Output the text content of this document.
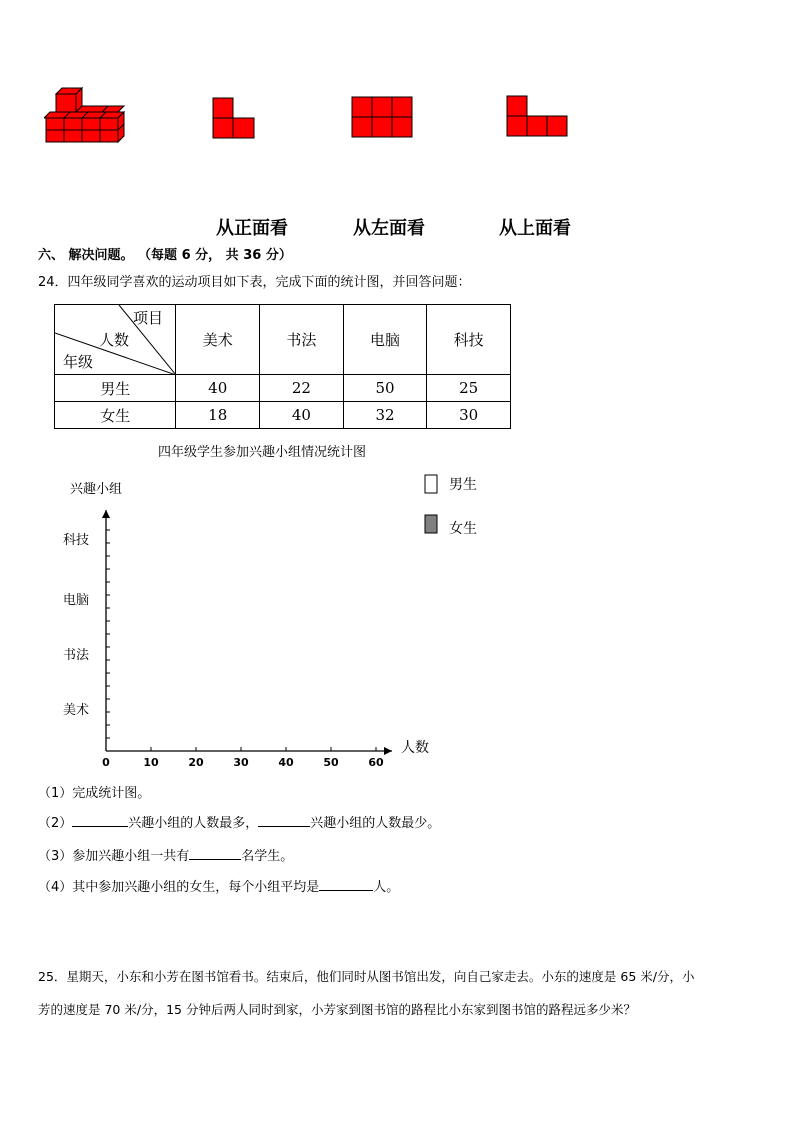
从正面看	从左面看	从上面看
六、 解决问题。 （每题 6 分， 共 36 分）
24．四年级同学喜欢的运动项目如下表，完成下面的统计图，并回答问题：
项目
人数
年级	美术	书法	电脑	科技
男生	40	22	50	25
女生	18	40	32	30
四年级学生参加兴趣小组情况统计图
兴趣小组	男生
女生
0	10	20	30	40	50	60
美术
书法
电脑
科技
人数
（1）完成统计图。
（2）	兴趣小组的人数最多，	兴趣小组的人数最少。
（3）参加兴趣小组一共有	名学生。
（4）其中参加兴趣小组的女生，每个小组平均是	人。
25．星期天，小东和小芳在图书馆看书。结束后，他们同时从图书馆出发，向自己家走去。小东的速度是 65 米/分，小
芳的速度是 70 米/分，15 分钟后两人同时到家，小芳家到图书馆的路程比小东家到图书馆的路程远多少米？
